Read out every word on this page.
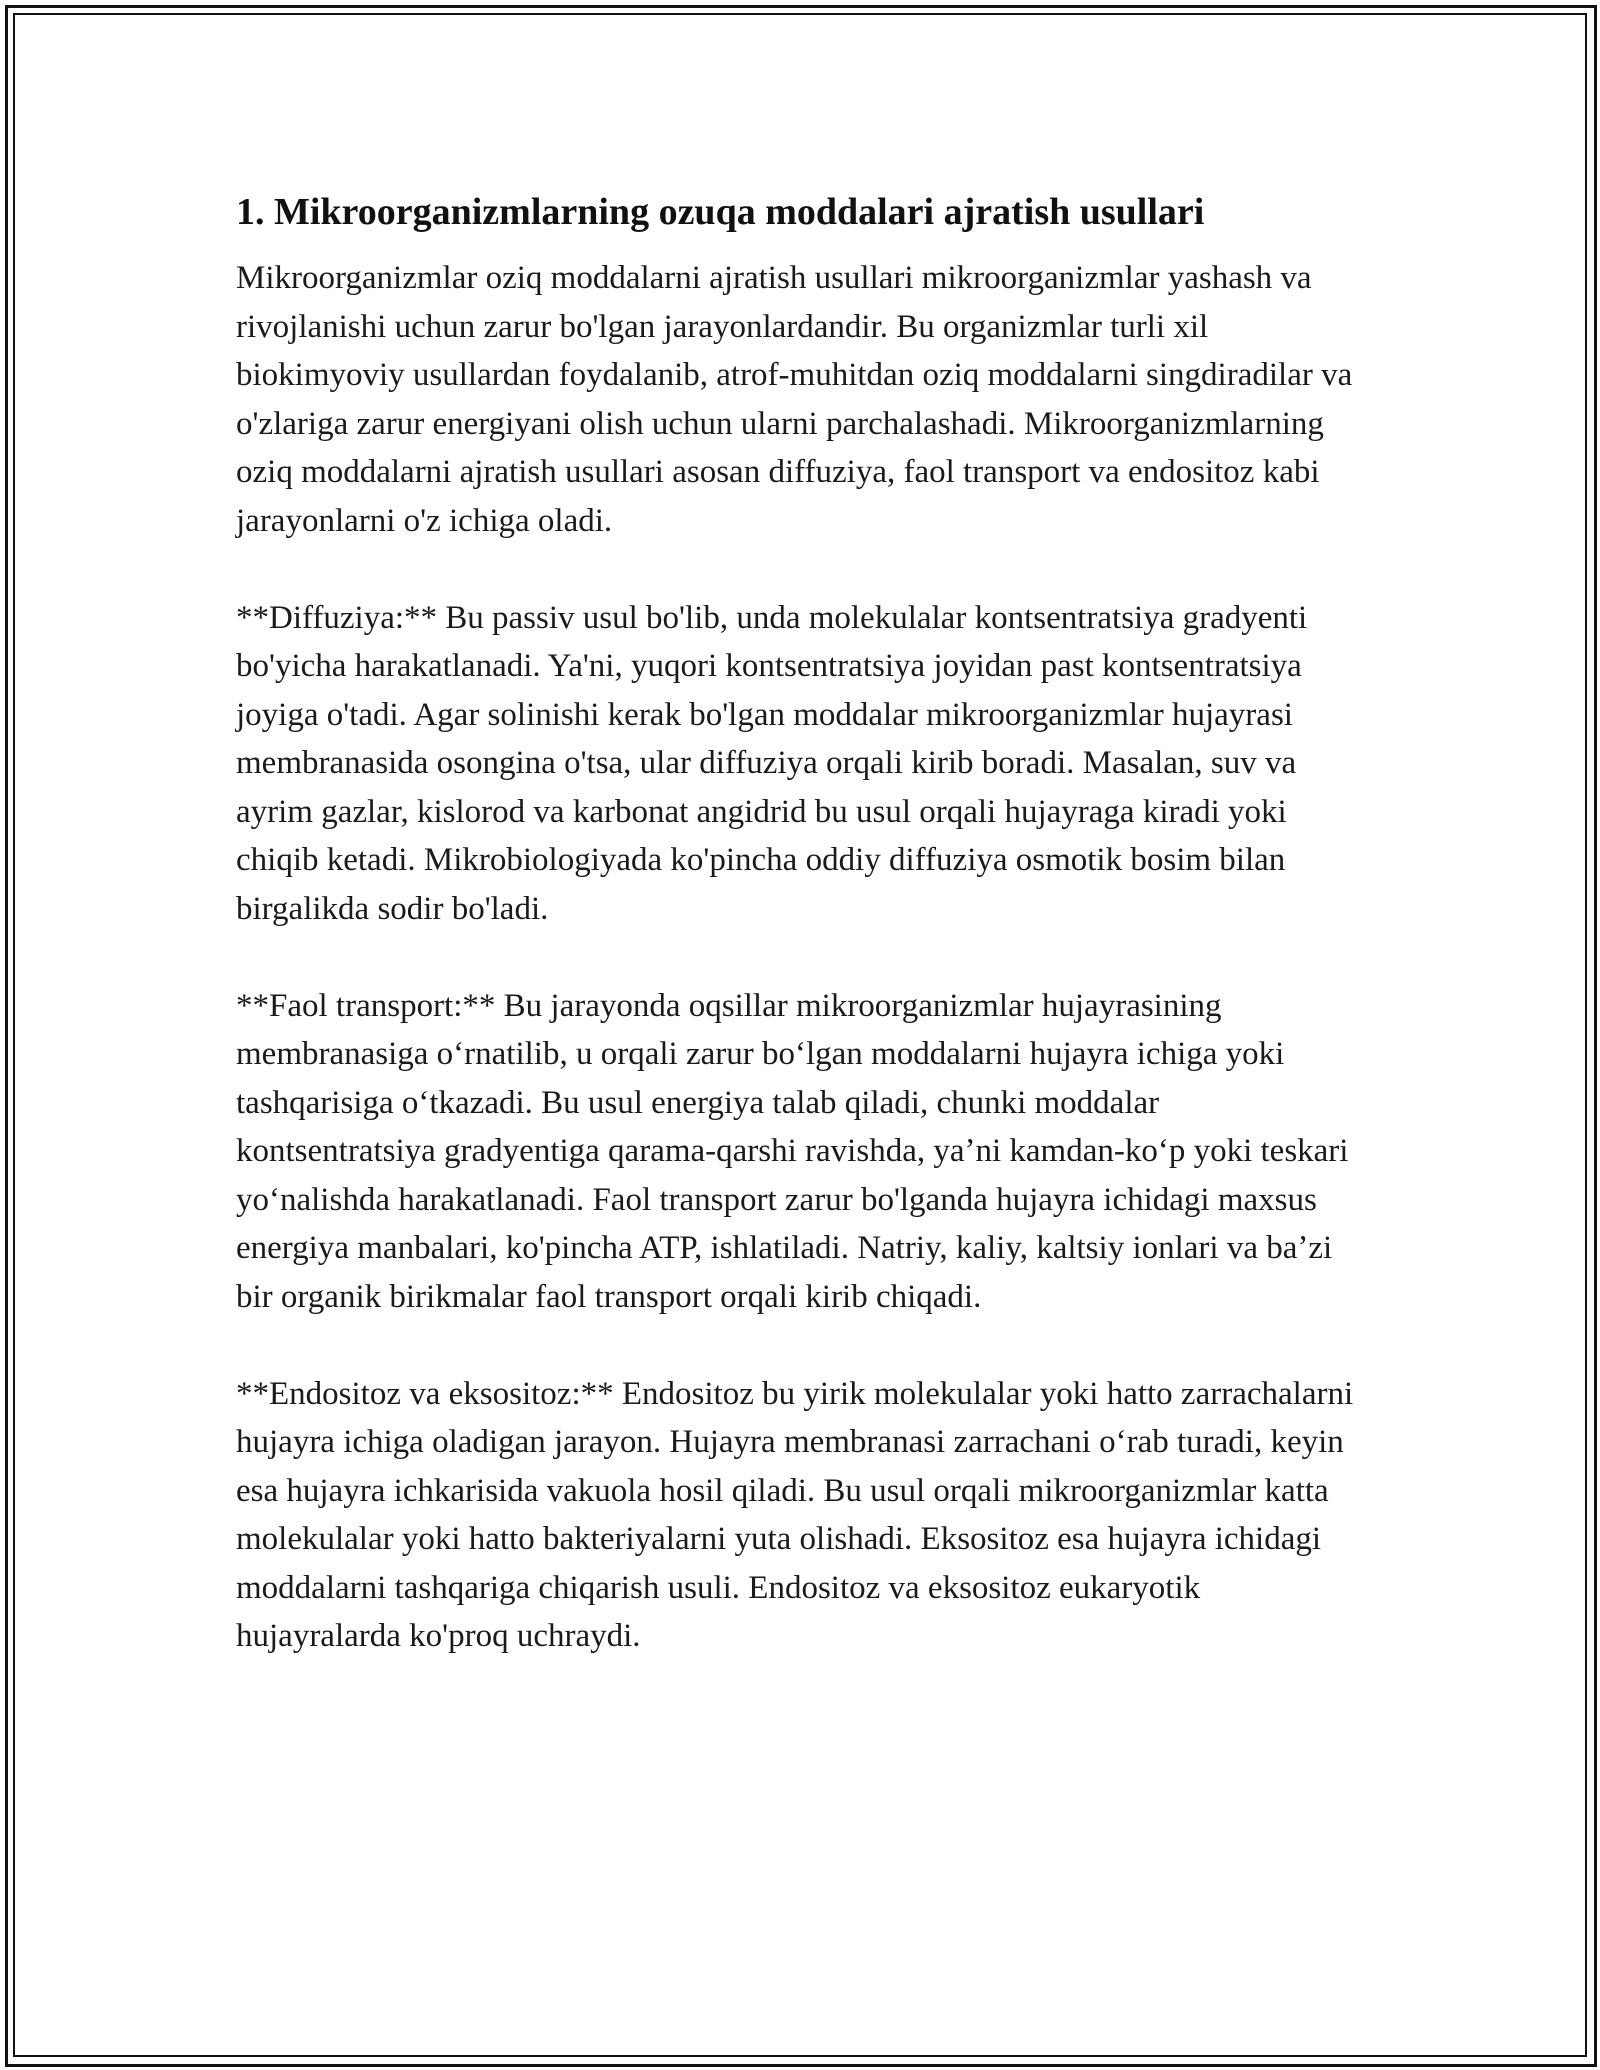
1. Mikroorganizmlarning ozuqa moddalari ajratish usullari

Mikroorganizmlar oziq moddalarni ajratish usullari mikroorganizmlar yashash va rivojlanishi uchun zarur bo'lgan jarayonlardandir. Bu organizmlar turli xil biokimyoviy usullardan foydalanib, atrof-muhitdan oziq moddalarni singdiradilar va o'zlariga zarur energiyani olish uchun ularni parchalashadi. Mikroorganizmlarning oziq moddalarni ajratish usullari asosan diffuziya, faol transport va endositoz kabi jarayonlarni o'z ichiga oladi.

**Diffuziya:** Bu passiv usul bo'lib, unda molekulalar kontsentratsiya gradyenti bo'yicha harakatlanadi. Ya'ni, yuqori kontsentratsiya joyidan past kontsentratsiya joyiga o'tadi. Agar solinishi kerak bo'lgan moddalar mikroorganizmlar hujayrasi membranasida osongina o'tsa, ular diffuziya orqali kirib boradi. Masalan, suv va ayrim gazlar, kislorod va karbonat angidrid bu usul orqali hujayraga kiradi yoki chiqib ketadi. Mikrobiologiyada ko'pincha oddiy diffuziya osmotik bosim bilan birgalikda sodir bo'ladi.

**Faol transport:** Bu jarayonda oqsillar mikroorganizmlar hujayrasining membranasiga oʻrnatilib, u orqali zarur boʻlgan moddalarni hujayra ichiga yoki tashqarisiga oʻtkazadi. Bu usul energiya talab qiladi, chunki moddalar kontsentratsiya gradyentiga qarama-qarshi ravishda, yaʼni kamdan-koʻp yoki teskari yoʻnalishda harakatlanadi. Faol transport zarur bo'lganda hujayra ichidagi maxsus energiya manbalari, ko'pincha ATP, ishlatiladi. Natriy, kaliy, kaltsiy ionlari va baʼzi bir organik birikmalar faol transport orqali kirib chiqadi.

**Endositoz va eksositoz:** Endositoz bu yirik molekulalar yoki hatto zarrachalarni hujayra ichiga oladigan jarayon. Hujayra membranasi zarrachani oʻrab turadi, keyin esa hujayra ichkarisida vakuola hosil qiladi. Bu usul orqali mikroorganizmlar katta molekulalar yoki hatto bakteriyalarni yuta olishadi. Eksositoz esa hujayra ichidagi moddalarni tashqariga chiqarish usuli. Endositoz va eksositoz eukaryotik hujayralarda ko'proq uchraydi.
